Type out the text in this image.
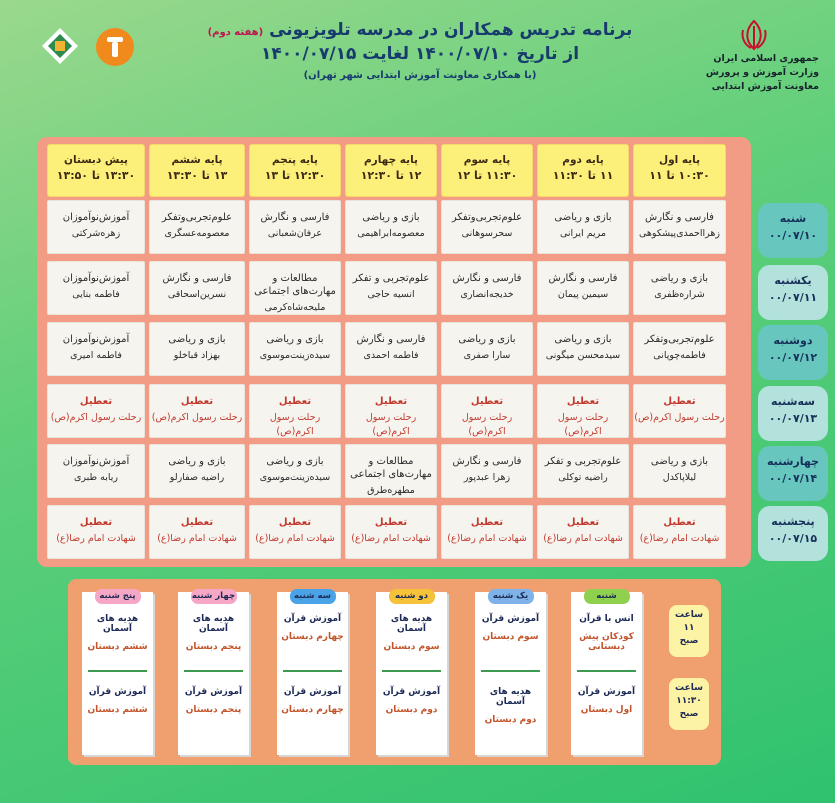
جمهوری اسلامی ایران
وزارت آموزش و پرورش
معاونت آموزش ابتدایی
برنامه تدریس همکاران در مدرسه تلویزیونی (هفته دوم)
از تاریخ ۱۴۰۰/۰۷/۱۰ لغایت ۱۴۰۰/۰۷/۱۵
(با همکاری معاونت آموزش ابتدایی شهر تهران)
پایه اول
۱۰:۳۰ تا ۱۱
پایه دوم
۱۱ تا ۱۱:۳۰
پایه سوم
۱۱:۳۰ تا ۱۲
پایه چهارم
۱۲ تا ۱۲:۳۰
پایه پنجم
۱۲:۳۰ تا ۱۳
پایه ششم
۱۳ تا ۱۳:۳۰
پیش دبستان
۱۳:۳۰ تا ۱۳:۵۰
فارسی و نگارش
زهرااحمدی‌پیشکوهی
بازی و ریاضی
مریم ایرانی
علوم‌تجربی‌و‌تفکر
سحرسوهانی
بازی و ریاضی
معصومه‌ابراهیمی
فارسی و نگارش
عرفان‌شعبانی
علوم‌تجربی‌و‌تفکر
معصومه‌عسگری
آموزش‌نوآموزان
زهره‌شرکتی
بازی و ریاضی
شراره‌ظفری
فارسی و نگارش
سیمین پیمان
فارسی و نگارش
خدیجه‌انصاری
علوم‌تجربی و تفکر
انسیه حاجی
مطالعات و مهارت‌های اجتماعی
ملیحه‌شاه‌کرمی
فارسی و نگارش
نسرین‌اسحاقی
آموزش‌نوآموزان
فاطمه بنایی
علوم‌تجربی‌و‌تفکر
فاطمه‌چوپانی
بازی و ریاضی
سیدمحسن میگونی
بازی و ریاضی
سارا صفری
فارسی و نگارش
فاطمه احمدی
بازی و ریاضی
سیده‌زینت‌موسوی
بازی و ریاضی
بهزاد قباخلو
آموزش‌نوآموزان
فاطمه امیری
تعطیل
رحلت رسول اکرم(ص)
تعطیل
رحلت رسول اکرم(ص)
تعطیل
رحلت رسول اکرم(ص)
تعطیل
رحلت رسول اکرم(ص)
تعطیل
رحلت رسول اکرم(ص)
تعطیل
رحلت رسول اکرم(ص)
تعطیل
رحلت رسول اکرم(ص)
بازی و ریاضی
لیلاپاکدل
علوم‌تجربی و تفکر
راضیه توکلی
فارسی و نگارش
زهرا عبدپور
مطالعات و مهارت‌های اجتماعی
مطهره‌طرق
بازی و ریاضی
سیده‌زینت‌موسوی
بازی و ریاضی
راضیه صفارلو
آموزش‌نوآموزان
ریابه طبری
تعطیل
شهادت امام رضا(ع)
تعطیل
شهادت امام رضا(ع)
تعطیل
شهادت امام رضا(ع)
تعطیل
شهادت امام رضا(ع)
تعطیل
شهادت امام رضا(ع)
تعطیل
شهادت امام رضا(ع)
تعطیل
شهادت امام رضا(ع)
شنبه
۰۰/۰۷/۱۰
یکشنبه
۰۰/۰۷/۱۱
دوشنبه
۰۰/۰۷/۱۲
سه‌شنبه
۰۰/۰۷/۱۳
چهارشنبه
۰۰/۰۷/۱۴
پنجشنبه
۰۰/۰۷/۱۵
ساعت
۱۱
صبح
ساعت
۱۱:۳۰
صبح
شنبه
انس با قرآن
کودکان پیش دبستانی
آموزش قرآن
اول دبستان
یک شنبه
آموزش قرآن
سوم دبستان
هدیه های آسمان
دوم دبستان
دو شنبه
هدیه های آسمان
سوم دبستان
آموزش قرآن
دوم دبستان
سه شنبه
آموزش قرآن
چهارم دبستان
آموزش قرآن
چهارم دبستان
چهار شنبه
هدیه های آسمان
پنجم دبستان
آموزش قرآن
پنجم دبستان
پنج شنبه
هدیه های آسمان
ششم دبستان
آموزش قرآن
ششم دبستان
